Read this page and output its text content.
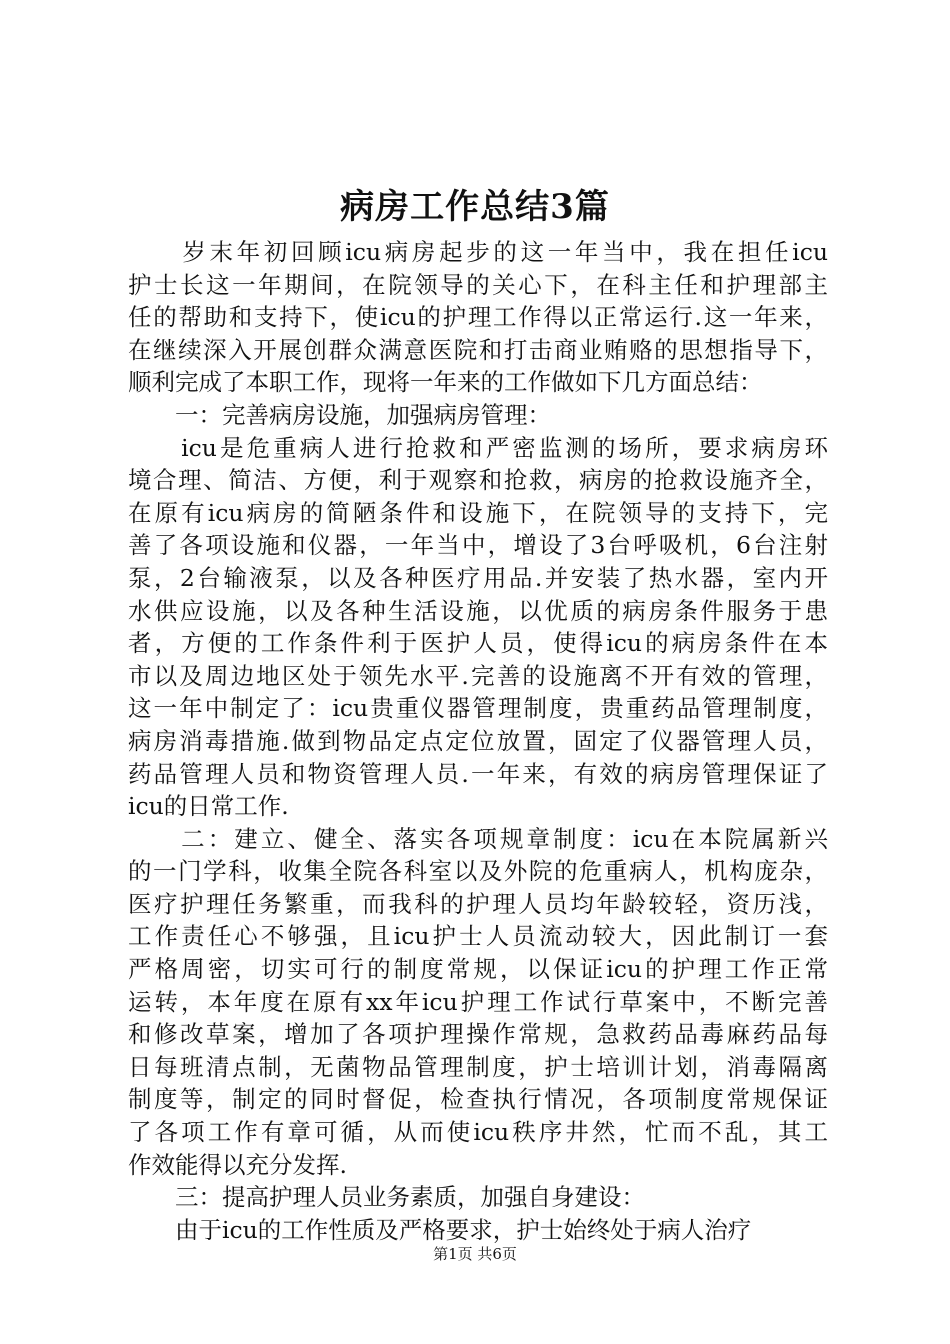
病房工作总结3篇
　　岁末年初回顾icu病房起步的这一年当中，我在担任icu
护士长这一年期间，在院领导的关心下，在科主任和护理部主
任的帮助和支持下，使icu的护理工作得以正常运行.这一年来，
在继续深入开展创群众满意医院和打击商业贿赂的思想指导下，
顺利完成了本职工作，现将一年来的工作做如下几方面总结：
　　一：完善病房设施，加强病房管理：
　　icu是危重病人进行抢救和严密监测的场所，要求病房环
境合理、简洁、方便，利于观察和抢救，病房的抢救设施齐全，
在原有icu病房的简陋条件和设施下，在院领导的支持下，完
善了各项设施和仪器，一年当中，增设了3台呼吸机，6台注射
泵，2台输液泵，以及各种医疗用品.并安装了热水器，室内开
水供应设施，以及各种生活设施，以优质的病房条件服务于患
者，方便的工作条件利于医护人员，使得icu的病房条件在本
市以及周边地区处于领先水平.完善的设施离不开有效的管理，
这一年中制定了：icu贵重仪器管理制度，贵重药品管理制度，
病房消毒措施.做到物品定点定位放置，固定了仪器管理人员，
药品管理人员和物资管理人员.一年来，有效的病房管理保证了
icu的日常工作.
　　二：建立、健全、落实各项规章制度：icu在本院属新兴
的一门学科，收集全院各科室以及外院的危重病人，机构庞杂，
医疗护理任务繁重，而我科的护理人员均年龄较轻，资历浅，
工作责任心不够强，且icu护士人员流动较大，因此制订一套
严格周密，切实可行的制度常规，以保证icu的护理工作正常
运转，本年度在原有xx年icu护理工作试行草案中，不断完善
和修改草案，增加了各项护理操作常规，急救药品毒麻药品每
日每班清点制，无菌物品管理制度，护士培训计划，消毒隔离
制度等，制定的同时督促，检查执行情况，各项制度常规保证
了各项工作有章可循，从而使icu秩序井然，忙而不乱，其工
作效能得以充分发挥.
　　三：提高护理人员业务素质，加强自身建设：
　　由于icu的工作性质及严格要求，护士始终处于病人治疗
第1页 共6页
